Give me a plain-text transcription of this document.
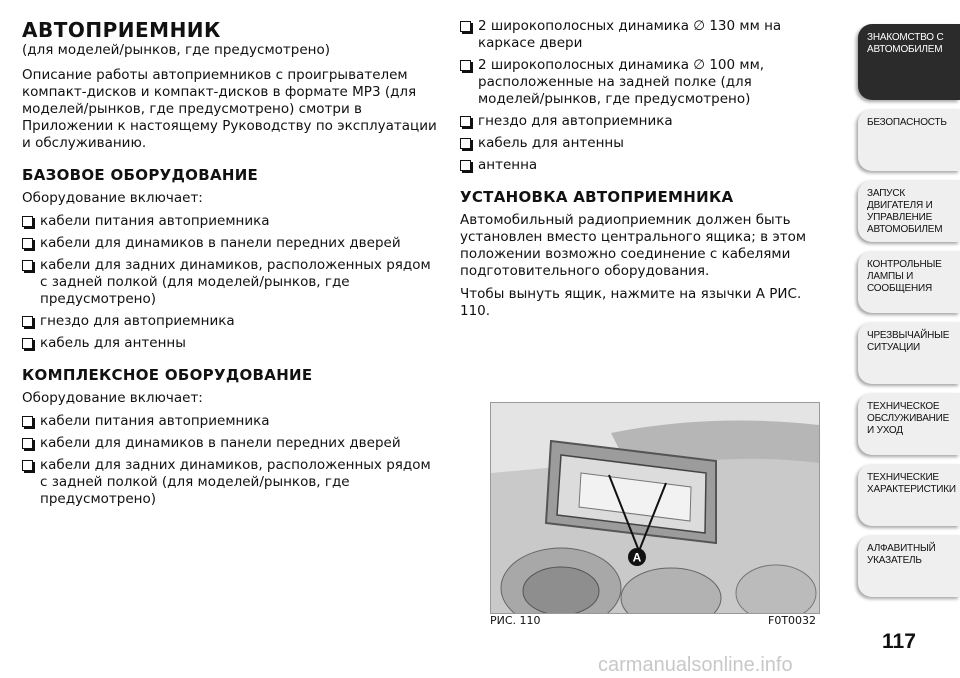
АВТОПРИЕМНИК

(для моделей/рынков, где предусмотрено)

Описание работы автоприемников с проигрывателем компакт-дисков и компакт-дисков в формате MP3 (для моделей/рынков, где предусмотрено) смотри в Приложении к настоящему Руководству по эксплуатации и обслуживанию.

БАЗОВОЕ ОБОРУДОВАНИЕ

Оборудование включает:

кабели питания автоприемника
кабели для динамиков в панели передних дверей
кабели для задних динамиков, расположенных рядом с задней полкой (для моделей/рынков, где предусмотрено)
гнездо для автоприемника
кабель для антенны
КОМПЛЕКСНОЕ ОБОРУДОВАНИЕ

Оборудование включает:

кабели питания автоприемника
кабели для динамиков в панели передних дверей
кабели для задних динамиков, расположенных рядом с задней полкой (для моделей/рынков, где предусмотрено)
2 широкополосных динамика ∅ 130 мм на каркасе двери
2 широкополосных динамика ∅ 100 мм, расположенные на задней полке (для моделей/рынков, где предусмотрено)
гнездо для автоприемника
кабель для антенны
антенна
УСТАНОВКА АВТОПРИЕМНИКА

Автомобильный радиоприемник должен быть установлен вместо центрального ящика; в этом положении возможно соединение с кабелями подготовительного оборудования.

Чтобы вынуть ящик, нажмите на язычки A РИС. 110.

A
РИС. 110	F0T0032
ЗНАКОМСТВО С АВТОМОБИЛЕМ
БЕЗОПАСНОСТЬ
ЗАПУСК ДВИГАТЕЛЯ И УПРАВЛЕНИЕ АВТОМОБИЛЕМ
КОНТРОЛЬНЫЕ ЛАМПЫ И СООБЩЕНИЯ
ЧРЕЗВЫЧАЙНЫЕ СИТУАЦИИ
ТЕХНИЧЕСКОЕ ОБСЛУЖИВАНИЕ И УХОД
ТЕХНИЧЕСКИЕ ХАРАКТЕРИСТИКИ
АЛФАВИТНЫЙ УКАЗАТЕЛЬ
117
carmanualsonline.info
